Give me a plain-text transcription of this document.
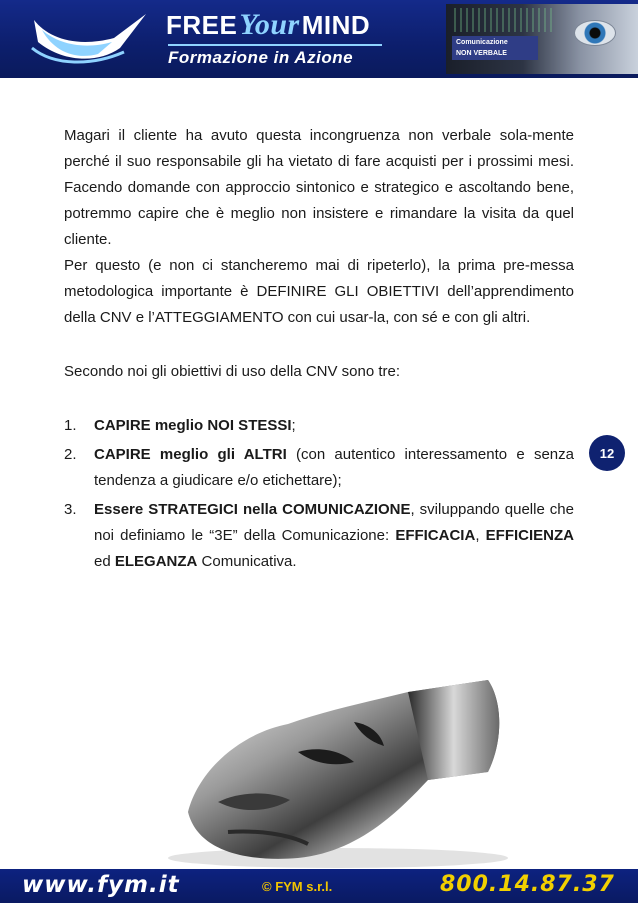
FREEYourMIND
Formazione in Azione
Comunicazione
NON VERBALE

Magari il cliente ha avuto questa incongruenza non verbale sola-mente perché il suo responsabile gli ha vietato di fare acquisti per i prossimi mesi. Facendo domande con approccio sintonico e strategico e ascoltando bene, potremmo capire che è meglio non insistere e rimandare la visita da quel cliente.

Per questo (e non ci stancheremo mai di ripeterlo), la prima pre-messa metodologica importante è DEFINIRE GLI OBIETTIVI dell’apprendimento della CNV e l’ATTEGGIAMENTO con cui usar-la, con sé e con gli altri.

Secondo noi gli obiettivi di uso della CNV sono tre:

1. CAPIRE meglio NOI STESSI;
2. CAPIRE meglio gli ALTRI (con autentico interessamento e senza tendenza a giudicare e/o etichettare);
3. Essere STRATEGICI nella COMUNICAZIONE, sviluppando quelle che noi definiamo le “3E” della Comunicazione: EFFICACIA, EFFICIENZA ed ELEGANZA Comunicativa.
12
www.fym.it	© FYM s.r.l.	800.14.87.37
